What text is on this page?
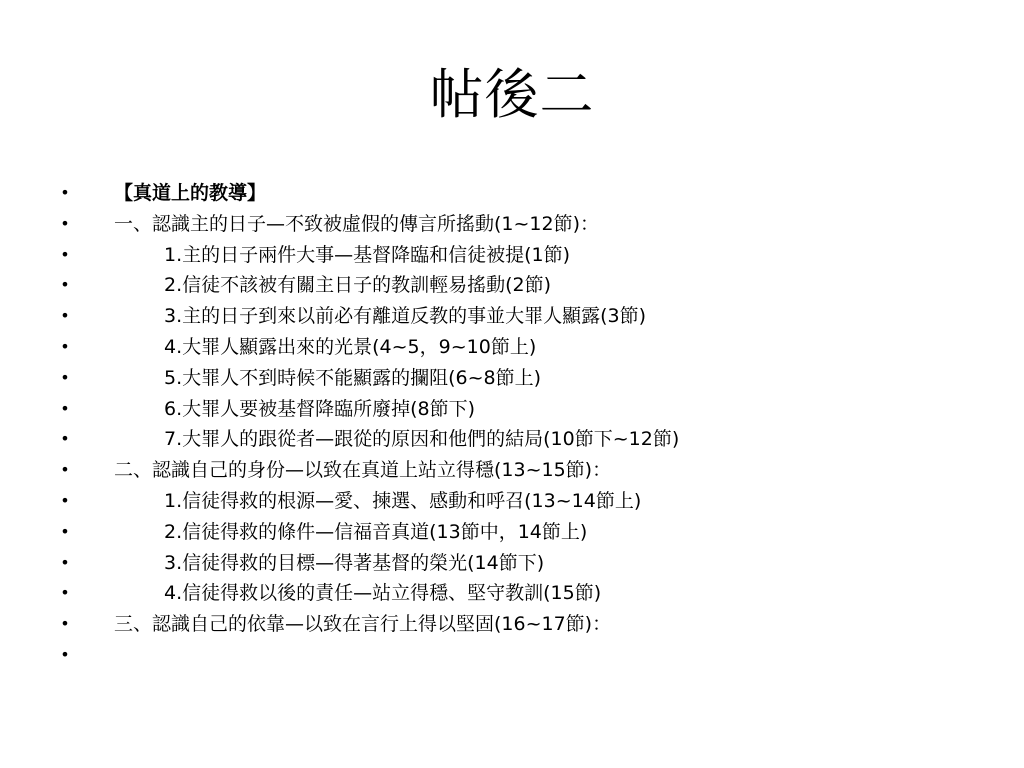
帖後二
• 【真道上的教導】
• 一、認識主的日子—不致被虛假的傳言所搖動(1~12節)：
•	1.主的日子兩件大事—基督降臨和信徒被提(1節)
•	2.信徒不該被有關主日子的教訓輕易搖動(2節)
•	3.主的日子到來以前必有離道反教的事並大罪人顯露(3節)
•	4.大罪人顯露出來的光景(4~5，9~10節上)
•	5.大罪人不到時候不能顯露的攔阻(6~8節上)
•	6.大罪人要被基督降臨所廢掉(8節下)
•	7.大罪人的跟從者—跟從的原因和他們的結局(10節下~12節)
• 二、認識自己的身份—以致在真道上站立得穩(13~15節)：
•	1.信徒得救的根源—愛、揀選、感動和呼召(13~14節上)
•	2.信徒得救的條件—信福音真道(13節中，14節上)
•	3.信徒得救的目標—得著基督的榮光(14節下)
•	4.信徒得救以後的責任—站立得穩、堅守教訓(15節)
• 三、認識自己的依靠—以致在言行上得以堅固(16~17節)：
•
